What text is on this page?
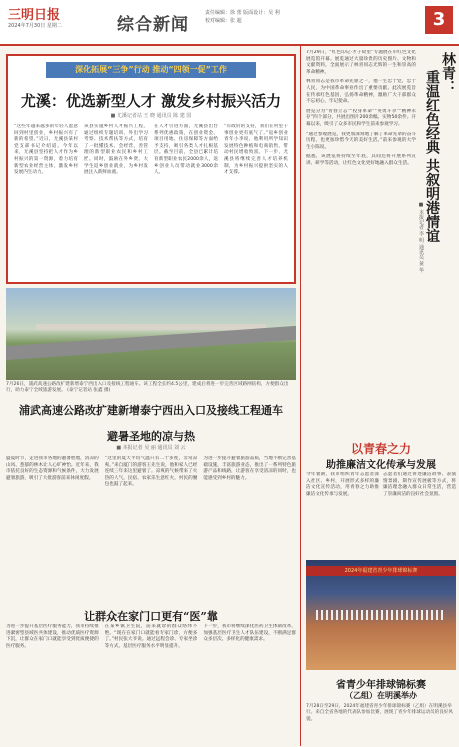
三明日报
2024年7月30日 星期二	综合新闻
责任编辑：徐 蕾 版面设计：吴 利
校对编辑：张 超	3
深化拓展“三争”行动 推动“四领一促”工作
尤溪：优选新型人才 激发乡村振兴活力
■ 尤溪记者站 王 晓 通讯员 陈 建 国
“这些年越来越多的年轻人愿意回到村里创业，乡村振兴有了新的希望。”近日，尤溪县某村党支部书记介绍道。今年以来，尤溪县坚持把人才作为乡村振兴的第一资源，着力培育新型农业经营主体，激发乡村发展内生动力。
该县实施乡村人才振兴工程，通过组织专题培训、外出学习考察、技术帮扶等方式，培育了一批懂技术、会经营、善管理的新型职业农民和乡村工匠。同时，鼓励在外乡贤、大学生返乡创业就业，为乡村发展注入新鲜血液。
在人才引进方面，尤溪县出台系列优惠政策，在创业资金、项目用地、住房保障等方面给予支持，吸引各类人才扎根基层。截至目前，全县已累计培育新型职业农民2000余人，返乡创业人员带动就业3000余人。
“有政府的支持，我们在村里干事创业更有底气了。”返乡创业青年小李说，他利用所学知识发展特色种植和电商销售，带动村民增收致富。下一步，尤溪县将继续完善人才培养机制，为乡村振兴提供坚实的人才支撑。
7月26日，浦武高速公路改扩建新增泰宁西出入口及接线工程通车。该工程全长约4.5公里，建成后将进一步完善区域路网结构，方便群众出行，助力泰宁全域旅游发展。 (泰宁记者站 张鑫 摄)
浦武高速公路改扩建新增泰宁西出入口及接线工程通车
避暑圣地的凉与热
■ 本报记者 吴 丽 通讯员 刘 云
盛夏时节，走进我市各地的避暑胜地，清凉的山风、葱郁的林木让人心旷神怡。近年来，我市依托良好的生态资源和气候条件，大力发展避暑旅游，吸引了大批游客前来休闲度假。
“这里的夏天平均气温只有二十多度，非常凉爽。”来自厦门的游客王先生说，他和家人已经连续三年来这里避暑了。凉爽的气候带来了火热的人气，民宿、农家乐生意红火，村民的腰包也鼓了起来。
为进一步提升避暑旅游品质，当地不断完善基础设施，丰富旅游业态，推出了一系列特色旅游产品和线路，让游客在享受清凉的同时，也能感受到乡村的魅力。
让群众在家门口更有“医”靠
为进一步提升基层医疗服务能力，我市持续推进紧密型县域医共体建设，推动优质医疗资源下沉，让群众在家门口就能享受到优质便捷的医疗服务。
在某乡镇卫生院，前来就诊的群众络绎不绝。“现在在家门口就能看专家门诊，方便多了。”村民张大爷说。通过远程会诊、专家坐诊等方式，基层医疗服务水平明显提升。
下一步，我市将继续深化医药卫生体制改革，加强基层医疗卫生人才队伍建设，不断满足群众多层次、多样化的健康需求。
7月29日，“红色印记·才子故里”专题展在市红色文化展览馆开幕。展览通过大量珍贵的历史图片、文物和文献资料，全面展示了林青同志光辉的一生和崇高的革命精神。
林青同志是我市革命先驱之一，他一生忠于党、忠于人民，为中国革命事业作出了重要贡献。此次展览旨在传承红色基因，弘扬革命精神，激励广大干部群众不忘初心、牢记使命。
展览分为“青春立志”“投身革命”“英勇斗争”“精神永存”四个部分，共展出图片200余幅、实物50余件。开幕以来，吸引了众多市民和学生前来参观学习。
“通过参观展览，我更加深刻地了解了革命先辈的奋斗历程，也更加珍惜今天的美好生活。”前来参观的大学生小陈说。
据悉，该展览将持续至年底，其间还将开展系列宣讲、研学等活动，让红色文化更好地融入群众生活。
林青：
重温红色经典 共叙明港情谊
■ 本报记者 李 明 通讯员 黄 华
以青春之力
助推廉洁文化传承与发展
今年暑期，我市组织青年志愿者深入社区、乡村，开展形式多样的廉洁文化宣传活动，用青春之力助推廉洁文化传承与发展。
志愿者们通过讲述廉洁故事、表演情景剧、制作宣传展板等方式，将廉洁理念融入群众日常生活，营造了崇廉尚洁的良好社会氛围。
2024年福建省青少年排球锦标赛
省青少年排球锦标赛
（乙组）在明溪举办
7月28日至29日，2024年福建省青少年排球锦标赛（乙组）在明溪县举行。来自全省各地的代表队参加比赛，展现了青少年排球运动员的良好风貌。
